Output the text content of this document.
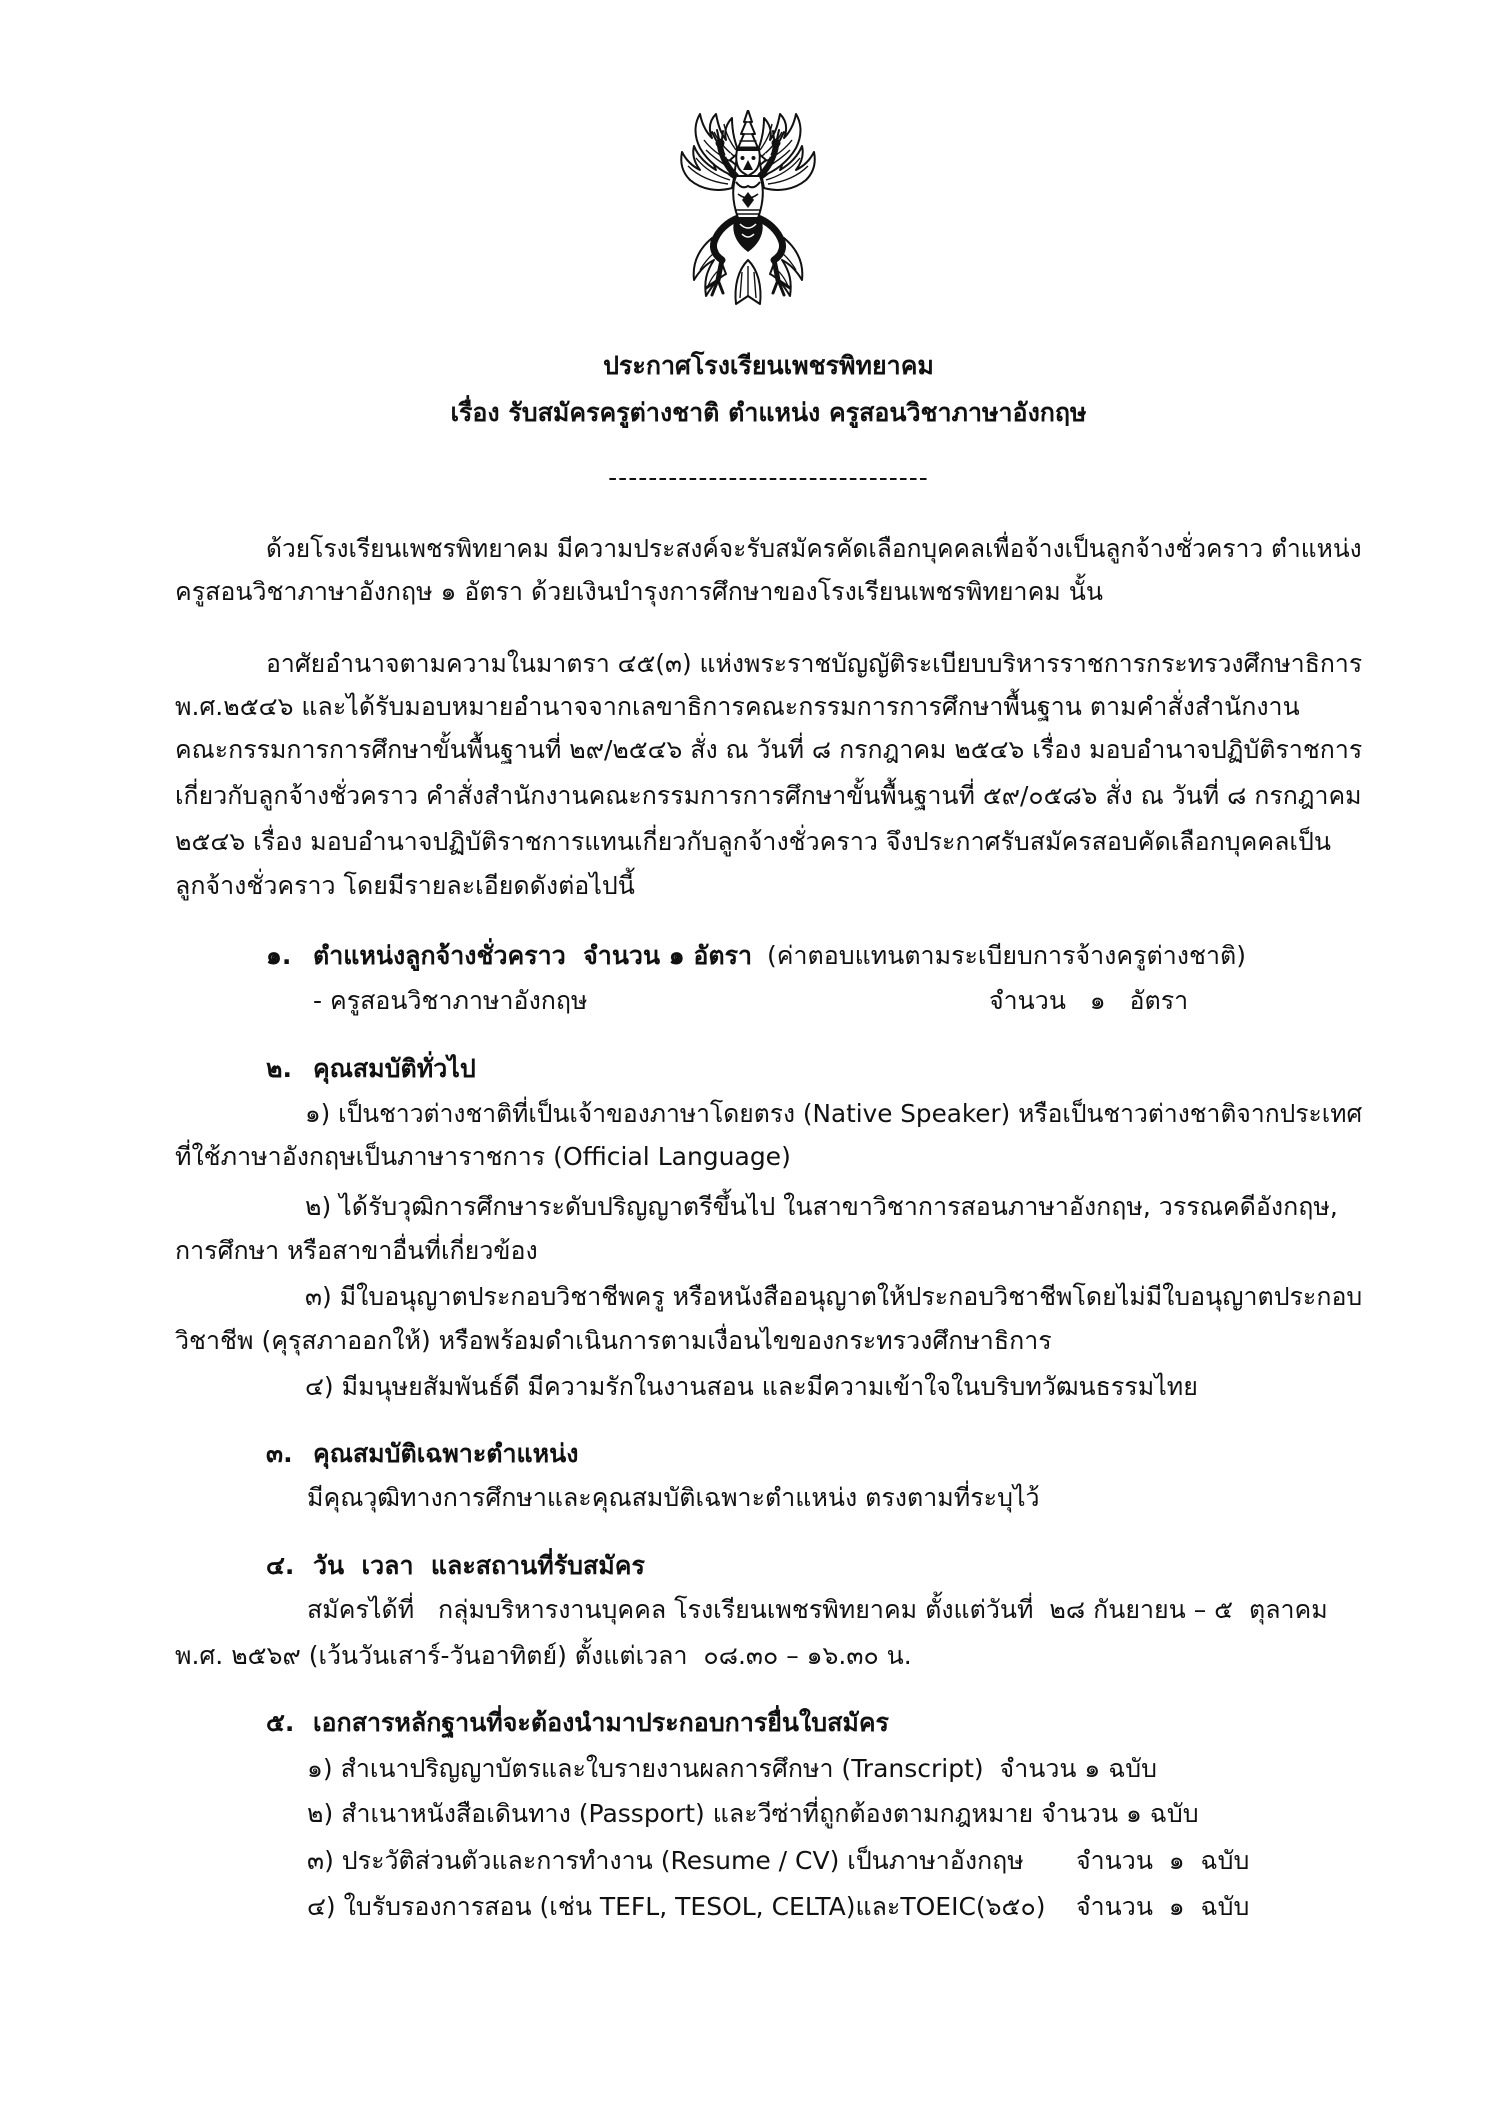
ประกาศโรงเรียนเพชรพิทยาคม
เรื่อง รับสมัครครูต่างชาติ ตำแหน่ง ครูสอนวิชาภาษาอังกฤษ
--------------------------------
ด้วยโรงเรียนเพชรพิทยาคม มีความประสงค์จะรับสมัครคัดเลือกบุคคลเพื่อจ้างเป็นลูกจ้างชั่วคราว ตำแหน่ง
ครูสอนวิชาภาษาอังกฤษ ๑ อัตรา ด้วยเงินบำรุงการศึกษาของโรงเรียนเพชรพิทยาคม นั้น
อาศัยอำนาจตามความในมาตรา ๔๕(๓) แห่งพระราชบัญญัติระเบียบบริหารราชการกระทรวงศึกษาธิการ
พ.ศ.๒๕๔๖ และได้รับมอบหมายอำนาจจากเลขาธิการคณะกรรมการการศึกษาพื้นฐาน ตามคำสั่งสำนักงาน
คณะกรรมการการศึกษาขั้นพื้นฐานที่ ๒๙/๒๕๔๖ สั่ง ณ วันที่ ๘ กรกฎาคม ๒๕๔๖ เรื่อง มอบอำนาจปฏิบัติราชการ
เกี่ยวกับลูกจ้างชั่วคราว คำสั่งสำนักงานคณะกรรมการการศึกษาขั้นพื้นฐานที่ ๕๙/๐๕๘๖ สั่ง ณ วันที่ ๘ กรกฎาคม
๒๕๔๖ เรื่อง มอบอำนาจปฏิบัติราชการแทนเกี่ยวกับลูกจ้างชั่วคราว จึงประกาศรับสมัครสอบคัดเลือกบุคคลเป็น
ลูกจ้างชั่วคราว โดยมีรายละเอียดดังต่อไปนี้
๑. ตำแหน่งลูกจ้างชั่วคราว  จำนวน ๑ อัตรา (ค่าตอบแทนตามระเบียบการจ้างครูต่างชาติ)
- ครูสอนวิชาภาษาอังกฤษ	จำนวน   ๑   อัตรา
๒. คุณสมบัติทั่วไป
๑) เป็นชาวต่างชาติที่เป็นเจ้าของภาษาโดยตรง (Native Speaker) หรือเป็นชาวต่างชาติจากประเทศ
ที่ใช้ภาษาอังกฤษเป็นภาษาราชการ (Official Language)
๒) ได้รับวุฒิการศึกษาระดับปริญญาตรีขึ้นไป ในสาขาวิชาการสอนภาษาอังกฤษ, วรรณคดีอังกฤษ,
การศึกษา หรือสาขาอื่นที่เกี่ยวข้อง
๓) มีใบอนุญาตประกอบวิชาชีพครู หรือหนังสืออนุญาตให้ประกอบวิชาชีพโดยไม่มีใบอนุญาตประกอบ
วิชาชีพ (คุรุสภาออกให้) หรือพร้อมดำเนินการตามเงื่อนไขของกระทรวงศึกษาธิการ
๔) มีมนุษยสัมพันธ์ดี มีความรักในงานสอน และมีความเข้าใจในบริบทวัฒนธรรมไทย
๓. คุณสมบัติเฉพาะตำแหน่ง
มีคุณวุฒิทางการศึกษาและคุณสมบัติเฉพาะตำแหน่ง ตรงตามที่ระบุไว้
๔. วัน  เวลา  และสถานที่รับสมัคร
สมัครได้ที่   กลุ่มบริหารงานบุคคล โรงเรียนเพชรพิทยาคม ตั้งแต่วันที่  ๒๘ กันยายน – ๕  ตุลาคม
พ.ศ. ๒๕๖๙ (เว้นวันเสาร์-วันอาทิตย์) ตั้งแต่เวลา  ๐๘.๓๐ – ๑๖.๓๐ น.
๕. เอกสารหลักฐานที่จะต้องนำมาประกอบการยื่นใบสมัคร
๑) สำเนาปริญญาบัตรและใบรายงานผลการศึกษา (Transcript)  จำนวน ๑ ฉบับ
๒) สำเนาหนังสือเดินทาง (Passport) และวีซ่าที่ถูกต้องตามกฎหมาย จำนวน ๑ ฉบับ
๓) ประวัติส่วนตัวและการทำงาน (Resume / CV) เป็นภาษาอังกฤษ จำนวน  ๑  ฉบับ
๔) ใบรับรองการสอน (เช่น TEFL, TESOL, CELTA)และTOEIC(๖๕๐) จำนวน  ๑  ฉบับ
